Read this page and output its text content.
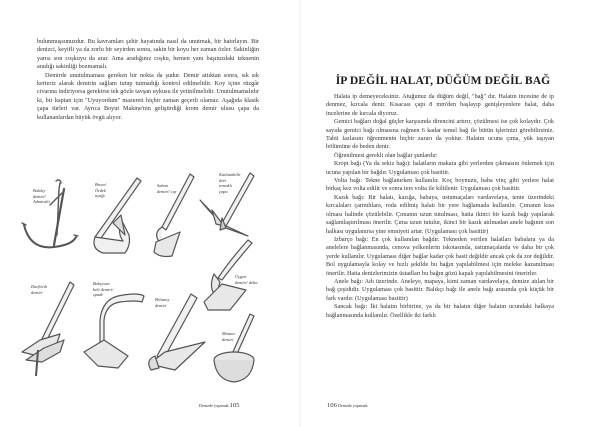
bulunmuşsunuzdur. Bu kavramları şehir hayatında nasıl da unutmak, bir hatırlayın. Bir denizci, keyifli ya da zorlu bir seyirden sonra, sakin bir koyu her zaman özler. Sakinliğin yarısı son coşkuyu da arar. Ama aradığınız coşku, hemen yanı başınızdaki teknenin aradığı sakinliği bozmamalı.

Demirde unutulmaması gereken bir nokta da şudur. Demir attıktan sonra, sık sık kerteriz alarak demirin sağlam tutup tutmadığı kontrol edilmelidir. Koy içine rüzgâr civarına indiriyorsa gerekirse tek gözle tavşan uykusu ile yetinilmelidir. Unutulmamalıdır ki, bir kaptan için "Uyuyordum" mazereti hiçbir zaman geçerli olamaz. Aşağıda klasik çapa türleri var. Ayrıca Boyut Makine'nin geliştirdiği krom demir ulusu çapa da kullananlardan büyük övgü alıyor.

Balıkçı
demiri/
Admiralti
Bruce/
Ördek
ayağı
Saban
demiri/ cqr
Katlanabilir
dört
tırnaklı
çapa
Danforth
demiri
Bahçıvan
beli demiri/
spade
Brittany
demiri
Üçgen
demiri/ delta
Mantar
demiri
Denizde yaşamak 105
İP DEĞİL HALAT, DÜĞÜM DEĞİL BAĞ

Halata ip demeyeceksiniz. Atuğunuz da düğüm değil, "bağ" dır. Halatın incesine de ip denmez, kırcala denir. Kısacası çapı 8 mm'den başlayıp genişleyenlere halat, daha incelerine de kırcala diyoruz.

Gemici bağları doğal güçler karşısında direncini artırır, çözülmesi ise çok kolaydır. Çok sayıda gemici bağı olmasına rağmen 6 kadar temel bağ ile bütün işlerinizi görebilirsiniz. Tabii fazlasını öğrenmenin hiçbir zararı da yoktur. Halatın ucuna çıma, yük taşıyan bölümüne de beden denir.

Öğrenilmesi gerekli olan bağlar şunlardır:

Kropi bağı (Ya da sekiz bağı): halatların makara gibi yerlerden çıkmasını önlemek için ucuna yapılan bir bağdır. Uygulaması çok basittir.

Volta bağı: Tekne bağlanırken kullanılır. Koç boynuzu, baba vinç gibi yerlere halat birkaç kez volta edilir ve sonra ters volta ile kilitlenir. Uygulaması çok basittir.

Kazık bağı: Bir halatı, kazığa, babaya, ustumaçaları vardavelaya, tente üzerindeki kırcalaları çarmıhlara, roda edilmiş halatı bir yere bağlamada kullanılır. Çımanın kısa olması halinde çözülebilir. Çımanın uzun tutulması, hatta ikinci bir kazık bağı yapılarak sağlamlaştırılması önerilir. Çıma uzun tutulur, ikinci bir kazık atılmadan anele bağının son halkası uygulanırsa yine emniyeti artar. (Uygulaması çok basittir)

Izbarço bağı: En çok kullanılan bağdır. Tekneden verilen halatları babalara ya da anelelere bağlanmasında, cenova yelkenlerin iskotasında, ustumaçalarda ve daha bir çok yerde kullanılır. Uygulaması diğer bağlar kadar çok basit değildir ancak çok da zor değildir. Bol uygulamayla kolay ve hızlı şekilde bu bağın yapılabilmesi için meleke kazanılması önerilir. Hatta denizlerimizin üstadları bu bağın gözü kapalı yapılabilmesini önerirler.

Anele bağı: Adı üzerinde. Aneleye, mapaya, kimi zaman vardavelaya, demize atılan bir bağ çeşididir. Uygulaması çok basittir. Balıkçı bağı ile anele bağı arasında çok küçük bir fark vardır. (Uygulaması basittir)

Sancak bağı: İki halatın birbirine, ya da bir halatın diğer halatın ucundaki halkaya bağlanmasında kullanılır. Özellikle iki farklı

106 Denizde yaşamak
